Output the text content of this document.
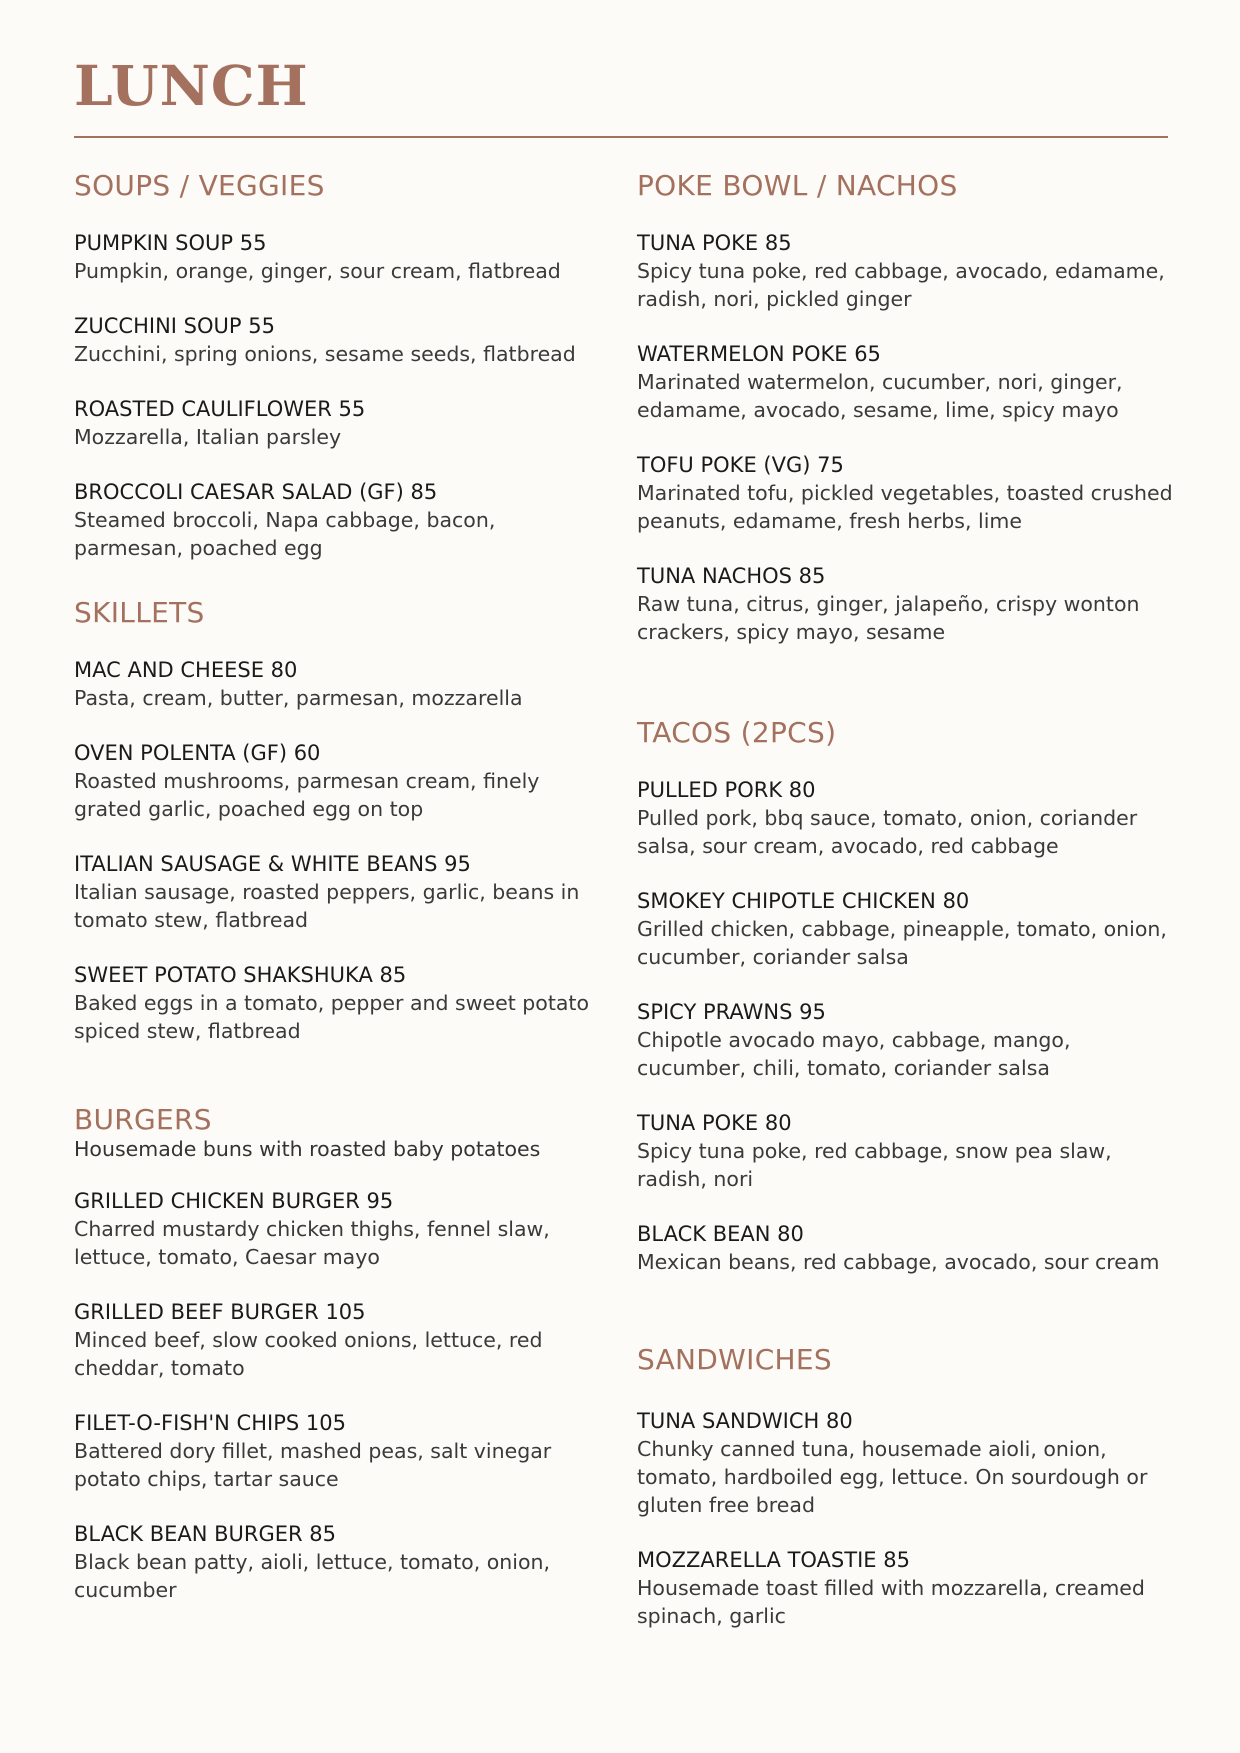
LUNCH
SOUPS / VEGGIES
PUMPKIN SOUP 55
Pumpkin, orange, ginger, sour cream, flatbread
ZUCCHINI SOUP 55
Zucchini, spring onions, sesame seeds, flatbread
ROASTED CAULIFLOWER 55
Mozzarella, Italian parsley
BROCCOLI CAESAR SALAD (GF) 85
Steamed broccoli, Napa cabbage, bacon, parmesan, poached egg
SKILLETS
MAC AND CHEESE 80
Pasta, cream, butter, parmesan, mozzarella
OVEN POLENTA (GF) 60
Roasted mushrooms, parmesan cream, finely grated garlic, poached egg on top
ITALIAN SAUSAGE & WHITE BEANS 95
Italian sausage, roasted peppers, garlic, beans in tomato stew, flatbread
SWEET POTATO SHAKSHUKA 85
Baked eggs in a tomato, pepper and sweet potato spiced stew, flatbread
BURGERS

Housemade buns with roasted baby potatoes

GRILLED CHICKEN BURGER 95
Charred mustardy chicken thighs, fennel slaw, lettuce, tomato, Caesar mayo
GRILLED BEEF BURGER 105
Minced beef, slow cooked onions, lettuce, red cheddar, tomato
FILET-O-FISH'N CHIPS 105
Battered dory fillet, mashed peas, salt vinegar potato chips, tartar sauce
BLACK BEAN BURGER 85
Black bean patty, aioli, lettuce, tomato, onion, cucumber
POKE BOWL / NACHOS
TUNA POKE 85
Spicy tuna poke, red cabbage, avocado, edamame, radish, nori, pickled ginger
WATERMELON POKE 65
Marinated watermelon, cucumber, nori, ginger, edamame, avocado, sesame, lime, spicy mayo
TOFU POKE (VG) 75
Marinated tofu, pickled vegetables, toasted crushed peanuts, edamame, fresh herbs, lime
TUNA NACHOS 85
Raw tuna, citrus, ginger, jalapeño, crispy wonton crackers, spicy mayo, sesame
TACOS (2PCS)
PULLED PORK 80
Pulled pork, bbq sauce, tomato, onion, coriander salsa, sour cream, avocado, red cabbage
SMOKEY CHIPOTLE CHICKEN 80
Grilled chicken, cabbage, pineapple, tomato, onion, cucumber, coriander salsa
SPICY PRAWNS 95
Chipotle avocado mayo, cabbage, mango, cucumber, chili, tomato, coriander salsa
TUNA POKE 80
Spicy tuna poke, red cabbage, snow pea slaw, radish, nori
BLACK BEAN 80
Mexican beans, red cabbage, avocado, sour cream
SANDWICHES
TUNA SANDWICH 80
Chunky canned tuna, housemade aioli, onion, tomato, hardboiled egg, lettuce. On sourdough or gluten free bread
MOZZARELLA TOASTIE 85
Housemade toast filled with mozzarella, creamed spinach, garlic
